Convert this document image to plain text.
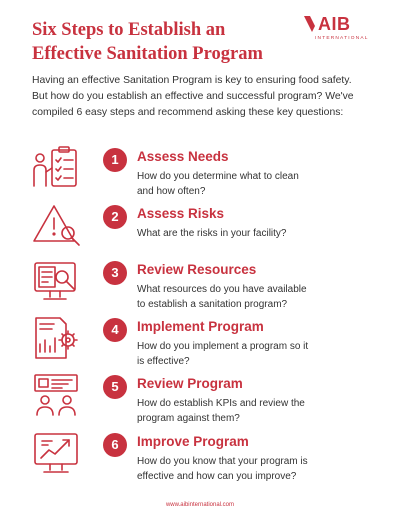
Six Steps to Establish an
Effective Sanitation Program
AIB
INTERNATIONAL
Having an effective Sanitation Program is key to ensuring food safety.
But how do you establish an effective and successful program? We've
compiled 6 easy steps and recommend asking these key questions:
1	Assess Needs
How do you determine what to clean
and how often?
2	Assess Risks
What are the risks in your facility?
3	Review Resources
What resources do you have available
to establish a sanitation program?
4	Implement Program
How do you implement a program so it
is effective?
5	Review Program
How do establish KPIs and review the
program against them?
6	Improve Program
How do you know that your program is
effective and how can you improve?
www.aibinternational.com
